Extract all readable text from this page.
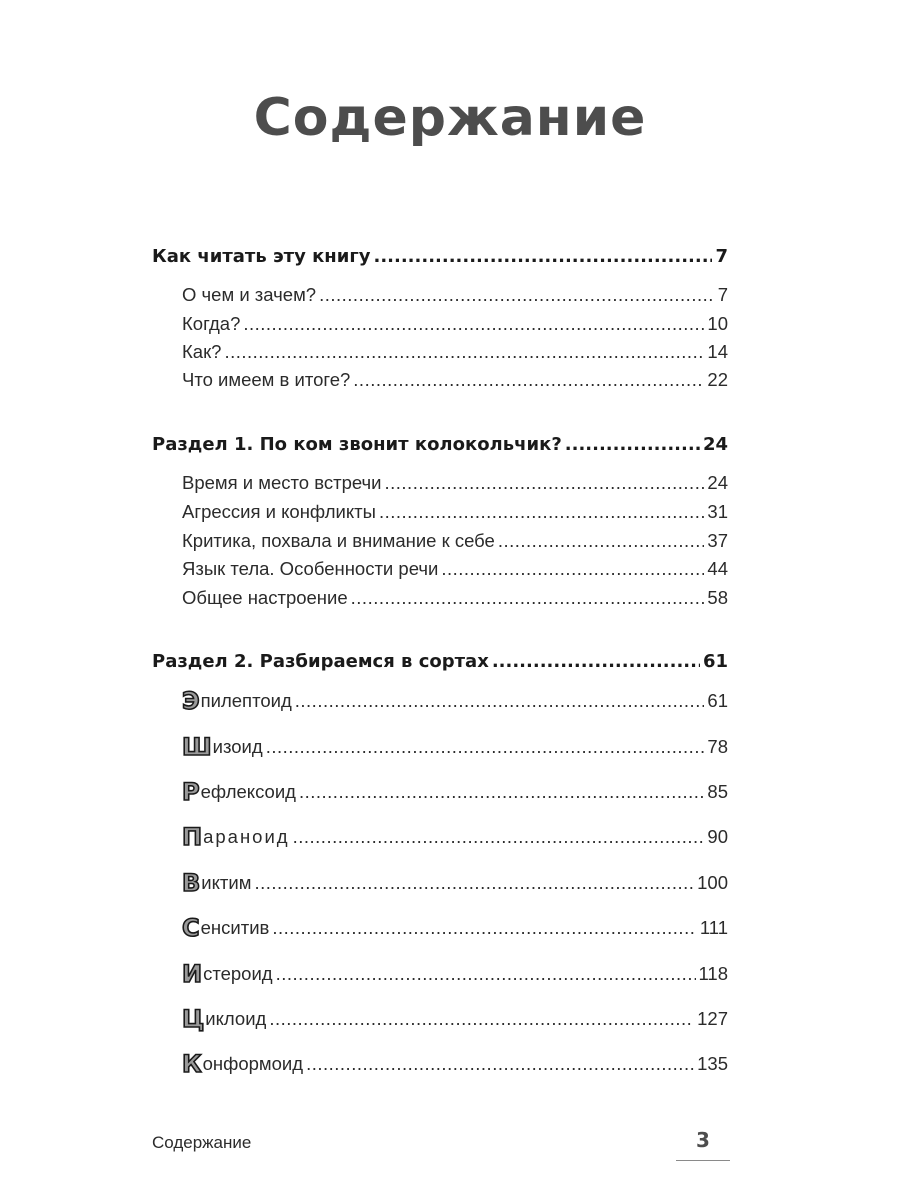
Содержание
Как читать эту книгу .....	7
О чем и зачем? .....	7
Когда? .....	10
Как? .....	14
Что имеем в итоге? .....	22
Раздел 1. По ком звонит колокольчик? .....	24
Время и место встречи .....	24
Агрессия и конфликты .....	31
Критика, похвала и внимание к себе .....	37
Язык тела. Особенности речи .....	44
Общее настроение .....	58
Раздел 2. Разбираемся в сортах .....	61
Эпилептоид .....	61
Шизоид .....	78
Рефлексоид .....	85
Параноид .....	90
Виктим .....	100
Сенситив .....	111
Истероид .....	118
Циклоид .....	127
Конформоид .....	135
Содержание	3
